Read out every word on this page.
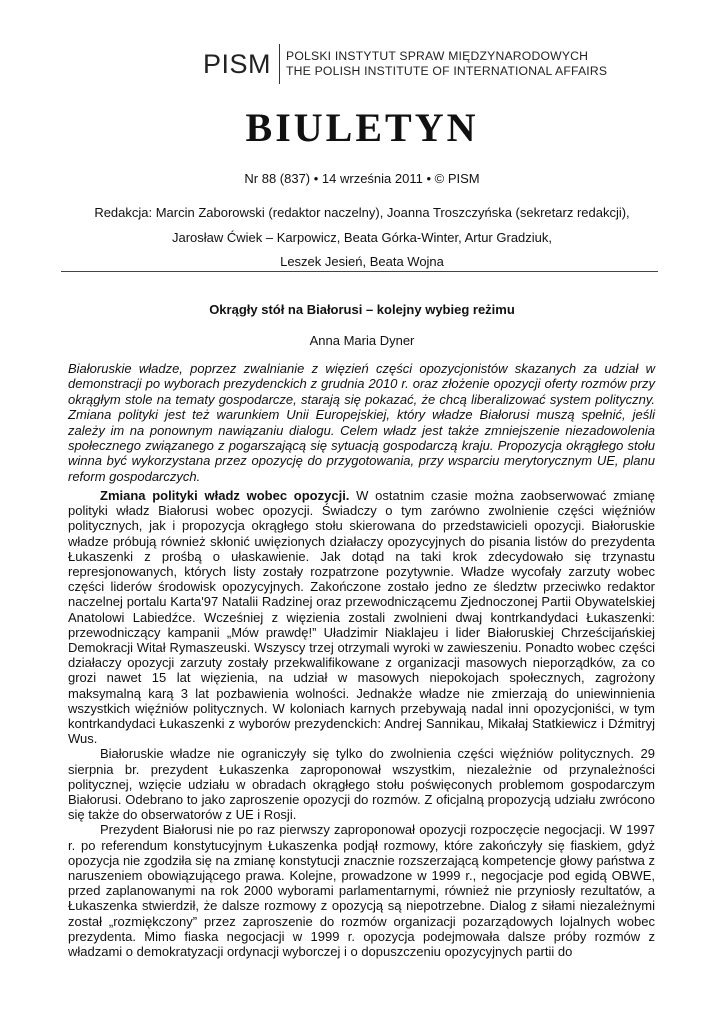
PISM POLSKI INSTYTUT SPRAW MIĘDZYNARODOWYCH
THE POLISH INSTITUTE OF INTERNATIONAL AFFAIRS
BIULETYN
Nr 88 (837) • 14 września 2011 • © PISM
Redakcja: Marcin Zaborowski (redaktor naczelny), Joanna Troszczyńska (sekretarz redakcji),
Jarosław Ćwiek – Karpowicz, Beata Górka-Winter, Artur Gradziuk,
Leszek Jesień, Beata Wojna
Okrągły stół na Białorusi – kolejny wybieg reżimu
Anna Maria Dyner
Białoruskie władze, poprzez zwalnianie z więzień części opozycjonistów skazanych za udział w demonstracji po wyborach prezydenckich z grudnia 2010 r. oraz złożenie opozycji oferty rozmów przy okrągłym stole na tematy gospodarcze, starają się pokazać, że chcą liberalizować system polityczny. Zmiana polityki jest też warunkiem Unii Europejskiej, który władze Białorusi muszą spełnić, jeśli zależy im na ponownym nawiązaniu dialogu. Celem władz jest także zmniejszenie niezadowolenia społecznego związanego z pogarszającą się sytuacją gospodarczą kraju. Propozycja okrągłego stołu winna być wykorzystana przez opozycję do przygotowania, przy wsparciu merytorycznym UE, planu reform gospodarczych.

Zmiana polityki władz wobec opozycji. W ostatnim czasie można zaobserwować zmianę polityki władz Białorusi wobec opozycji. Świadczy o tym zarówno zwolnienie części więźniów politycznych, jak i propozycja okrągłego stołu skierowana do przedstawicieli opozycji. Białoruskie władze próbują również skłonić uwięzionych działaczy opozycyjnych do pisania listów do prezydenta Łukaszenki z prośbą o ułaskawienie. Jak dotąd na taki krok zdecydowało się trzynastu represjonowanych, których listy zostały rozpatrzone pozytywnie. Władze wycofały zarzuty wobec części liderów środowisk opozycyjnych. Zakończone zostało jedno ze śledztw przeciwko redaktor naczelnej portalu Karta'97 Natalii Radzinej oraz przewodniczącemu Zjednoczonej Partii Obywatelskiej Anatolowi Labiedźce. Wcześniej z więzienia zostali zwolnieni dwaj kontrkandydaci Łukaszenki: przewodniczący kampanii „Mów prawdę!” Uładzimir Niaklajeu i lider Białoruskiej Chrześcijańskiej Demokracji Witał Rymaszeuski. Wszyscy trzej otrzymali wyroki w zawieszeniu. Ponadto wobec części działaczy opozycji zarzuty zostały przekwalifikowane z organizacji masowych nieporządków, za co grozi nawet 15 lat więzienia, na udział w masowych niepokojach społecznych, zagrożony maksymalną karą 3 lat pozbawienia wolności. Jednakże władze nie zmierzają do uniewinnienia wszystkich więźniów politycznych. W koloniach karnych przebywają nadal inni opozycjoniści, w tym kontrkandydaci Łukaszenki z wyborów prezydenckich: Andrej Sannikau, Mikałaj Statkiewicz i Dźmitryj Wus.

Białoruskie władze nie ograniczyły się tylko do zwolnienia części więźniów politycznych. 29 sierpnia br. prezydent Łukaszenka zaproponował wszystkim, niezależnie od przynależności politycznej, wzięcie udziału w obradach okrągłego stołu poświęconych problemom gospodarczym Białorusi. Odebrano to jako zaproszenie opozycji do rozmów. Z oficjalną propozycją udziału zwrócono się także do obserwatorów z UE i Rosji.

Prezydent Białorusi nie po raz pierwszy zaproponował opozycji rozpoczęcie negocjacji. W 1997 r. po referendum konstytucyjnym Łukaszenka podjął rozmowy, które zakończyły się fiaskiem, gdyż opozycja nie zgodziła się na zmianę konstytucji znacznie rozszerzającą kompetencje głowy państwa z naruszeniem obowiązującego prawa. Kolejne, prowadzone w 1999 r., negocjacje pod egidą OBWE, przed zaplanowanymi na rok 2000 wyborami parlamentarnymi, również nie przyniosły rezultatów, a Łukaszenka stwierdził, że dalsze rozmowy z opozycją są niepotrzebne. Dialog z siłami niezależnymi został „rozmiękczony” przez zaproszenie do rozmów organizacji pozarządowych lojalnych wobec prezydenta. Mimo fiaska negocjacji w 1999 r. opozycja podejmowała dalsze próby rozmów z władzami o demokratyzacji ordynacji wyborczej i o dopuszczeniu opozycyjnych partii do
